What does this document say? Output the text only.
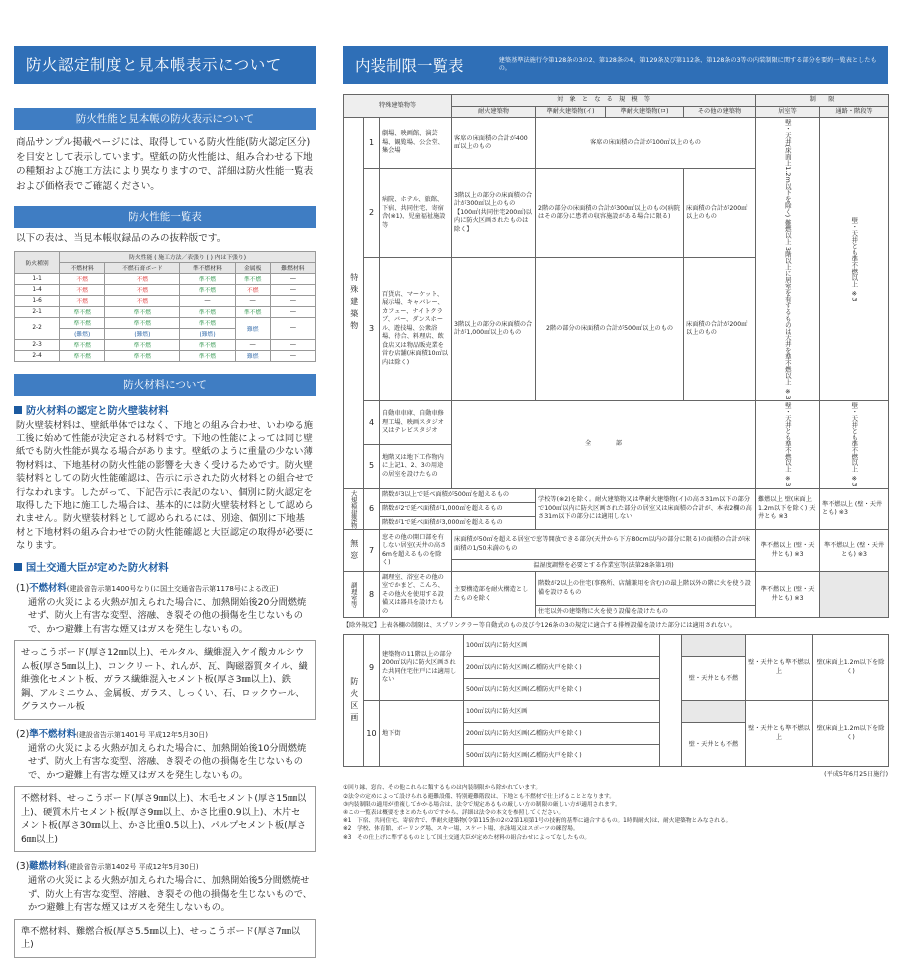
防火認定制度と見本帳表示について
防火性能と見本帳の防火表示について

商品サンプル掲載ページには、取得している防火性能(防火認定区分)を目安として表示しています。壁紙の防火性能は、組み合わせる下地の種類および施工方法により異なりますので、詳細は防火性能一覧表および価格表でご確認ください。

防火性能一覧表

以下の表は、当見本帳収録品のみの抜粋版です。

防火種別	防火性能 ( 施工方法／表張り ( ) 内は下張り)				
	不燃材料	不燃石膏ボード	準不燃材料	金属板	難燃材料
1-1	不燃	不燃	準不燃	準不燃	―
1-4	不燃	不燃	準不燃	不燃	―
1-6	不燃	不燃	―	―	―
2-1	準不燃	準不燃	準不燃	準不燃	―
2-2	準不燃	準不燃	準不燃	難燃	―
	(難燃)	(難燃)	(難燃)		
2-3	準不燃	準不燃	準不燃	―	―
2-4	準不燃	準不燃	準不燃	難燃	―
防火材料について
防火材料の認定と防火壁装材料

防火壁装材料は、壁紙単体ではなく、下地との組み合わせ、いわゆる施工後に始めて性能が決定される材料です。下地の性能によっては同じ壁紙でも防火性能が異なる場合があります。壁紙のように重量の少ない薄物材料は、下地基材の防火性能の影響を大きく受けるためです。防火壁装材料としての防火性能確認は、告示に示された防火材料との組合せで行なわれます。したがって、下記告示に表記のない、個別に防火認定を取得した下地に施工した場合は、基本的には防火壁装材料として認められません。防火壁装材料として認められるには、別途、個別に下地基材と下地材料の組み合わせでの防火性能確認と大臣認定の取得が必要になります。

国土交通大臣が定めた防火材料
(1)不燃材料(建設省告示第1400号なり(に国土交通省告示第1178号による改正)

通常の火災による火熱が加えられた場合に、加熱開始後20分間燃焼せず、防火上有害な変型、溶融、き裂その他の損傷を生じないもので、かつ避難上有害な煙又はガスを発生しないもの。

せっこうボード(厚さ12㎜以上)、モルタル、繊維混入ケイ酸カルシウム板(厚さ5㎜以上)、コンクリート、れんが、瓦、陶磁器質タイル、繊維強化セメント板、ガラス繊維混入セメント板(厚さ3㎜以上)、鉄鋼、アルミニウム、金属板、ガラス、しっくい、石、ロックウール、グラスウール板
(2)準不燃材料(建設省告示第1401号 平成12年5月30日)

通常の火災による火熱が加えられた場合に、加熱開始後10分間燃焼せず、防火上有害な変型、溶融、き裂その他の損傷を生じないもので、かつ避難上有害な煙又はガスを発生しないもの。

不燃材料、せっこうボード(厚さ9㎜以上)、木毛セメント(厚さ15㎜以上)、硬質木片セメント板(厚さ9㎜以上、かさ比重0.9以上)、木片セメント板(厚さ30㎜以上、かさ比重0.5以上)、パルプセメント板(厚さ6㎜以上)
(3)難燃材料(建設省告示第1402号 平成12年5月30日)

通常の火災による火熱が加えられた場合に、加熱開始後5分間燃焼せず、防火上有害な変型、溶融、き裂その他の損傷を生じないもので、かつ避難上有害な煙又はガスを発生しないもの。

準不燃材料、難燃合板(厚さ5.5㎜以上)、せっこうボード(厚さ7㎜以上)
内装制限一覧表	建築基準法施行令第128条の3の2、第128条の4、第129条及び第112条、第128条の3等の内装制限に関する部分を要約一覧表としたもの。
特殊建築物等			対　象　と　な　る　規　模　等				制　　限	
			耐火建築物	準耐火建築物(イ)	準耐火建築物(ロ)	その他の建築物	居室等	通路・階段等
特殊建築物	1	劇場、映画館、演芸場、観覧場、公会堂、集会場	客席の床面積の合計が400㎡以上のもの	客席の床面積の合計が100㎡以上のもの			壁・天井(床面上1.2m以下を除く) 難燃以上 3階以上に居室を有するものは天井を準不燃以上 ※3	壁・天井とも準不燃以上 ※3
	2	病院、ホテル、旅館、下宿、共同住宅、寄宿舎(※1)、児童福祉施設等	3階以上の部分の床面積の合計が300㎡以上のもの【100㎡(共同住宅200㎡)以内に防火区画されたものは除く】	2階の部分の床面積の合計が300㎡以上のもの(病院はその部分に患者の収容施設がある場合に限る)		床面積の合計が200㎡以上のもの		
	3	百貨店、マーケット、展示場、キャバレー、カフェー、ナイトクラブ、バー、ダンスホール、遊技場、公衆浴場、待合、料理店、飲食店又は物品販売業を営む店舗(床面積10㎡以内は除く)	3階以上の部分の床面積の合計が1,000㎡以上のもの	2階の部分の床面積の合計が500㎡以上のもの		床面積の合計が200㎡以上のもの		
	4	自動車車庫、自動車修理工場、映画スタジオ又はテレビスタジオ	全　　　　部				壁・天井とも準不燃以上 ※3	壁・天井とも準不燃以上 ※3
	5	地階又は地下工作物内に上記1、2、3の用途の居室を設けたもの						
大規模建築物	6	階数が3以上で延べ面積が500㎡を超えるもの		学校等(※2)を除く。耐火建築物又は準耐火建築物(イ)の高さ31m以下の部分で100㎡以内に防火区画された部分の居室又は床面積の合計が、本表2欄の高さ31m以下の部分には適用しない			難燃以上 壁(床面上1.2m以下を除く) 天井とも ※3	準不燃以上 (壁・天井とも) ※3
		階数が2で延べ面積が1,000㎡を超えるもの						
		階数が1で延べ面積が3,000㎡を超えるもの						
無窓	7	窓その他の開口部を有しない居室(天井の高さ6mを超えるものを除く)	床面積が50㎡を超える居室で窓等開放できる部分(天井から下方80cm以内の部分に限る)の面積の合計が床面積の1/50未満のもの				準不燃以上 (壁・天井とも) ※3	準不燃以上 (壁・天井とも) ※3
			温湿度調整を必要とする作業室等(法第28条第1項)					
調理室等	8	調理室、浴室その他の室でかまど、こんろ、その他火を使用する設備又は器具を設けたもの	主要構造部を耐火構造としたものを除く	階数が2以上の住宅(事務所、店舗兼用を含む)の最上階以外の階に火を使う設備を設けるもの			準不燃以上 (壁・天井とも) ※3	
				住宅以外の建築物に火を使う設備を設けたもの				

【除外規定】上表各欄の制限は、スプリンクラー等自動式のもの及び令126条の3の規定に適合する排煙設備を設けた部分には適用されない。

防火区画	9	建築物の11階以上の部分 200㎡以内に防火区画された共同住宅住戸には適用しない	100㎡以内に防火区画			壁・天井とも準不燃以上	壁(床面上1.2m以下を除く)
			200㎡以内に防火区画(乙種防火戸を除く)		壁・天井とも不燃		
			500㎡以内に防火区画(乙種防火戸を除く)				
	10	地下街	100㎡以内に防火区画			壁・天井とも準不燃以上	壁(床面上1.2m以下を除く)
			200㎡以内に防火区画(乙種防火戸を除く)		壁・天井とも不燃		
			500㎡以内に防火区画(乙種防火戸を除く)				
(平成5年6月25日施行)
①回り縁、窓台、その他これらに類するものは内装制限から除かれています。
②法令の定めによって設けられる避難設備、特別避難階段は、下地とも不燃材で仕上げることとなります。
③内装制限の適用が重複してかかる場合は、法令で規定あるもの厳しい方の制限の厳しい方が適用されます。
④この一覧表は概要をまとめたものですから、詳細は法令の本文を参照してください。
※1　下宿、共同住宅、寄宿舎で、準耐火建築物(令第115条の2の2第1項第1号の技術的基準に適合するもの。1時間耐火)は、耐火建築物とみなされる。
※2　学校、体育館、ボーリング場、スキー場、スケート場、水泳場又はスポーツの練習場。
※3　その仕上げに準ずるものとして国土交通大臣が定めた材料の組合わせによってなしたもの。
